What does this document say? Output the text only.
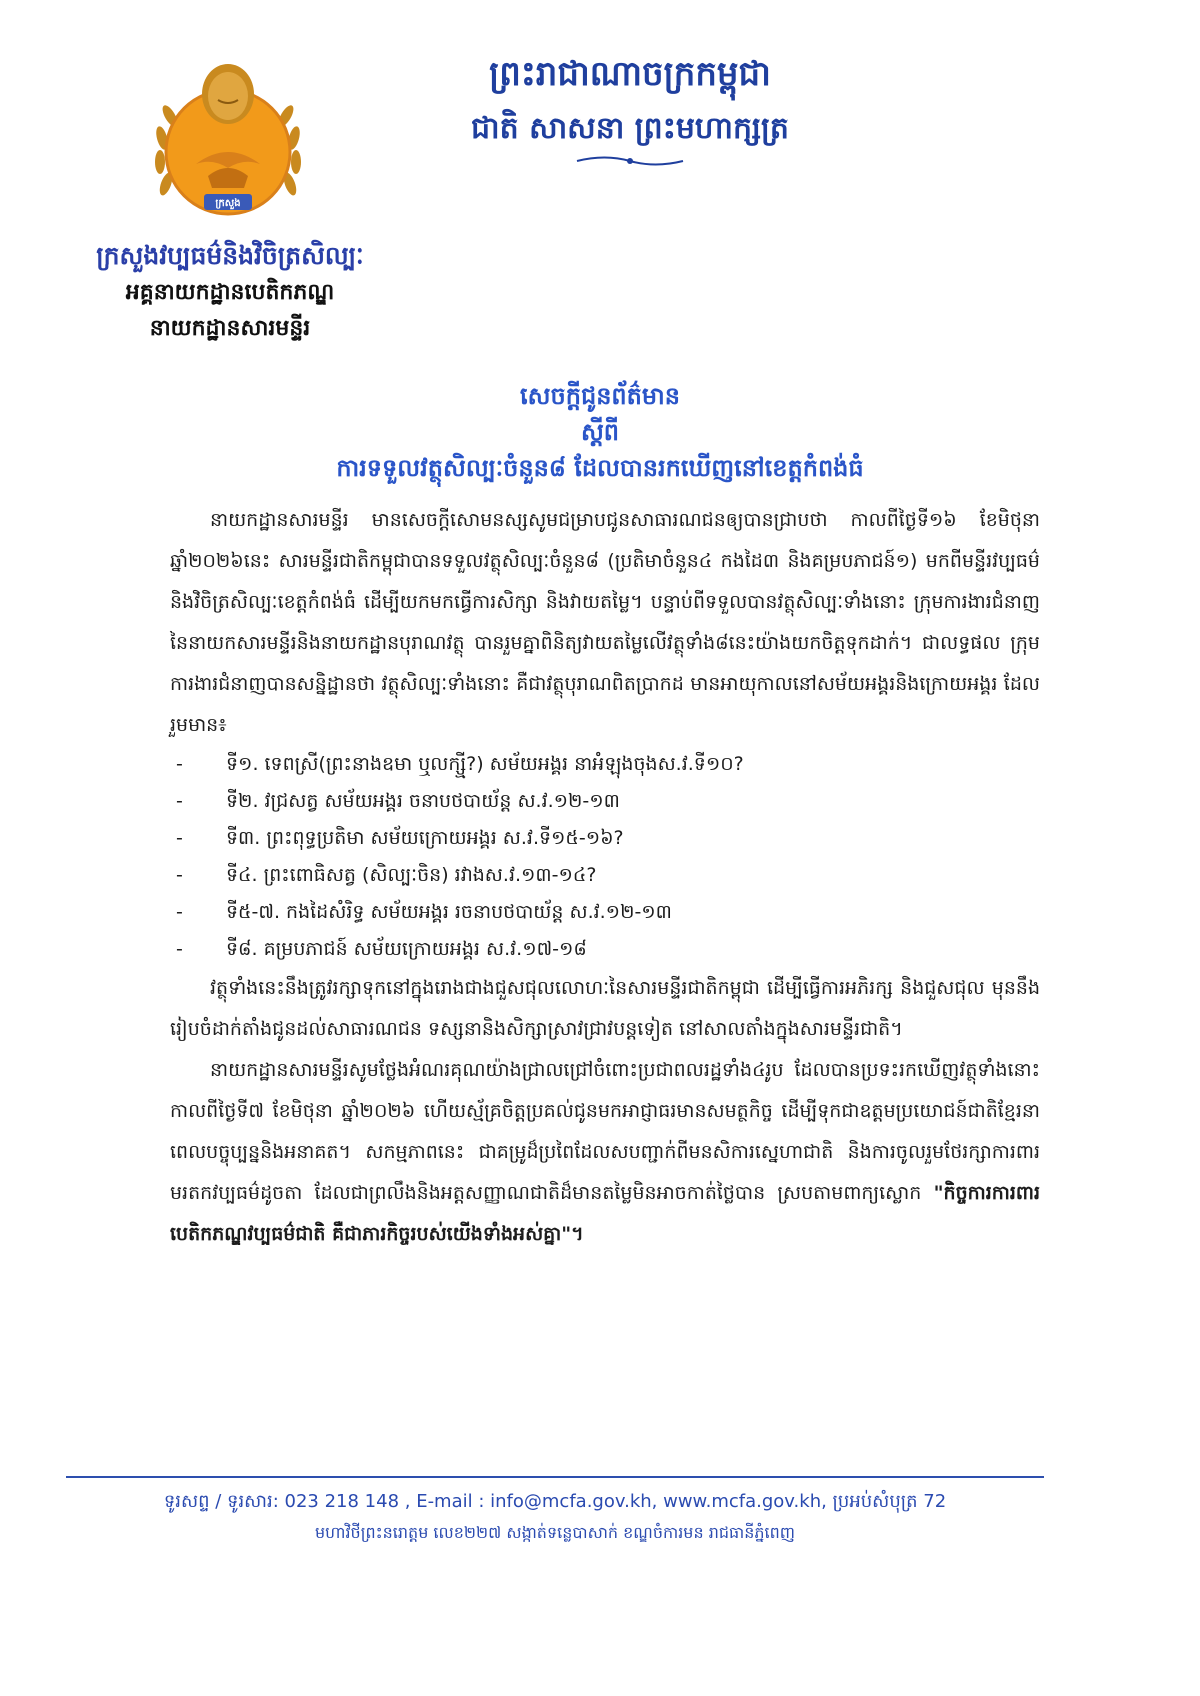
ក្រសួង
ព្រះរាជាណាចក្រកម្ពុជា
ជាតិ សាសនា ព្រះមហាក្សត្រ
ក្រសួងវប្បធម៌និងវិចិត្រសិល្បៈ
អគ្គនាយកដ្ឋានបេតិកភណ្ឌ
នាយកដ្ឋានសារមន្ទីរ
សេចក្តីជូនព័ត៌មាន
ស្តីពី
ការទទួលវត្ថុសិល្បៈចំនួន៨ ដែលបានរកឃើញនៅខេត្តកំពង់ធំ

នាយកដ្ឋានសារមន្ទីរ មានសេចក្តីសោមនស្សសូមជម្រាបជូនសាធារណជនឲ្យបានជ្រាបថា កាលពីថ្ងៃទី១៦ ខែមិថុនា ឆ្នាំ២០២៦នេះ សារមន្ទីរជាតិកម្ពុជាបានទទួលវត្ថុសិល្បៈចំនួន៨ (ប្រតិមាចំនួន៤ កងដៃ៣ និងគម្របភាជន៍១) មកពីមន្ទីរវប្បធម៌និងវិចិត្រសិល្បៈខេត្តកំពង់ធំ ដើម្បីយកមកធ្វើការសិក្សា និងវាយតម្លៃ។ បន្ទាប់ពីទទួលបានវត្ថុសិល្បៈទាំងនោះ ក្រុមការងារជំនាញនៃនាយកសារមន្ទីរនិងនាយកដ្ឋានបុរាណវត្ថុ បានរួមគ្នាពិនិត្យវាយតម្លៃលើវត្ថុទាំង៨នេះយ៉ាងយកចិត្តទុកដាក់។ ជាលទ្ធផល ក្រុមការងារជំនាញបានសន្និដ្ឋានថា វត្ថុសិល្បៈទាំងនោះ គឺជាវត្ថុបុរាណពិតប្រាកដ មានអាយុកាលនៅសម័យអង្គរនិងក្រោយអង្គរ ដែលរួមមាន៖

- ទី១. ទេពស្រី(ព្រះនាងឧមា ឬលក្ស្មី?) សម័យអង្គរ នាអំឡុងចុងស.វ.ទី១០?
- ទី២. វជ្រសត្វ សម័យអង្គរ ចនាបថបាយ័ន្ត ស.វ.១២-១៣
- ទី៣. ព្រះពុទ្ធប្រតិមា សម័យក្រោយអង្គរ ស.វ.ទី១៥-១៦?
- ទី៤. ព្រះពោធិសត្វ (សិល្បៈចិន) រវាងស.វ.១៣-១៤?
- ទី៥-៧. កងដៃសំរិទ្ធ សម័យអង្គរ រចនាបថបាយ័ន្ត ស.វ.១២-១៣
- ទី៨. គម្របភាជន៍ សម័យក្រោយអង្គរ ស.វ.១៧-១៨

វត្ថុទាំងនេះនឹងត្រូវរក្សាទុកនៅក្នុងរោងជាងជួសជុលលោហៈនៃសារមន្ទីរជាតិកម្ពុជា ដើម្បីធ្វើការអភិរក្ស និងជួសជុល មុននឹងរៀបចំដាក់តាំងជូនដល់សាធារណជន ទស្សនានិងសិក្សាស្រាវជ្រាវបន្តទៀត នៅសាលតាំងក្នុងសារមន្ទីរជាតិ។

នាយកដ្ឋានសារមន្ទីរសូមថ្លែងអំណរគុណយ៉ាងជ្រាលជ្រៅចំពោះប្រជាពលរដ្ឋទាំង៤រូប ដែលបានប្រទះរកឃើញវត្ថុទាំងនោះកាលពីថ្ងៃទី៧ ខែមិថុនា ឆ្នាំ២០២៦ ហើយស្ម័គ្រចិត្តប្រគល់ជូនមកអាជ្ញាធរមានសមត្ថកិច្ច ដើម្បីទុកជាឧត្តមប្រយោជន៍ជាតិខ្មែរនាពេលបច្ចុប្បន្ននិងអនាគត។ សកម្មភាពនេះ ជាគម្រូដ៏ប្រពៃដែលសបញ្ជាក់ពីមនសិការស្នេហាជាតិ និងការចូលរួមថែរក្សាការពារមរតកវប្បធម៌ដូចតា ដែលជាព្រលឹងនិងអត្តសញ្ញាណជាតិដ៏មានតម្លៃមិនអាចកាត់ថ្លៃបាន ស្របតាមពាក្យស្លោក "កិច្ចការការពារបេតិកភណ្ឌវប្បធម៌ជាតិ គឺជាភារកិច្ចរបស់យើងទាំងអស់គ្នា"។

ទូរសព្ទ / ទូរសារ: 023 218 148 , E-mail : info@mcfa.gov.kh, www.mcfa.gov.kh, ប្រអប់សំបុត្រ 72
មហាវិថីព្រះនរោត្តម លេខ២២៧ សង្កាត់ទន្លេបាសាក់ ខណ្ឌចំការមន រាជធានីភ្នំពេញ
